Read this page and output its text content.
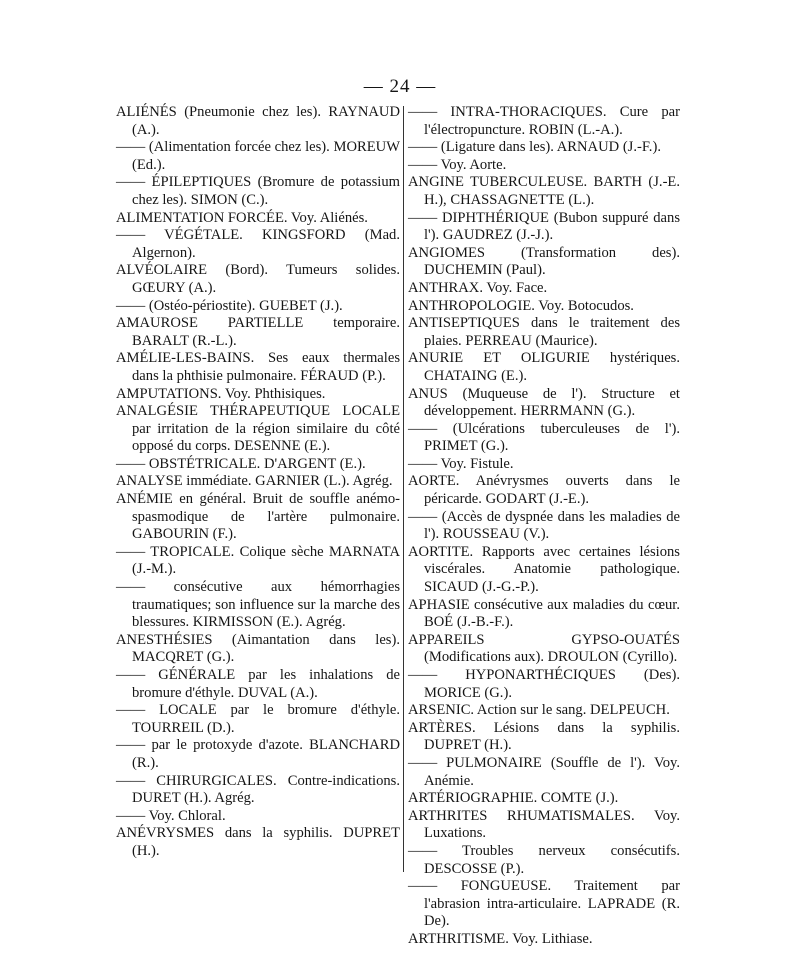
— 24 —
ALIÉNÉS (Pneumonie chez les). RAYNAUD (A.).
—— (Alimentation forcée chez les). MOREUW (Ed.).
—— ÉPILEPTIQUES (Bromure de potassium chez les). SIMON (C.).
ALIMENTATION FORCÉE. Voy. Aliénés.
—— VÉGÉTALE. KINGSFORD (Mad. Algernon).
ALVÉOLAIRE (Bord). Tumeurs solides. GŒURY (A.).
—— (Ostéo-périostite). GUEBET (J.).
AMAUROSE PARTIELLE temporaire. BARALT (R.-L.).
AMÉLIE-LES-BAINS. Ses eaux thermales dans la phthisie pulmonaire. FÉRAUD (P.).
AMPUTATIONS. Voy. Phthisiques.
ANALGÉSIE THÉRAPEUTIQUE LOCALE par irritation de la région similaire du côté opposé du corps. DESENNE (E.).
—— OBSTÉTRICALE. D'ARGENT (E.).
ANALYSE immédiate. GARNIER (L.). Agrég.
ANÉMIE en général. Bruit de souffle anémo-spasmodique de l'artère pulmonaire. GABOURIN (F.).
—— TROPICALE. Colique sèche MARNATA (J.-M.).
—— consécutive aux hémorrhagies traumatiques; son influence sur la marche des blessures. KIRMISSON (E.). Agrég.
ANESTHÉSIES (Aimantation dans les). MACQRET (G.).
—— GÉNÉRALE par les inhalations de bromure d'éthyle. DUVAL (A.).
—— LOCALE par le bromure d'éthyle. TOURREIL (D.).
—— par le protoxyde d'azote. BLANCHARD (R.).
—— CHIRURGICALES. Contre-indications. DURET (H.). Agrég.
—— Voy. Chloral.
ANÉVRYSMES dans la syphilis. DUPRET (H.).
—— INTRA-THORACIQUES. Cure par l'électropuncture. ROBIN (L.-A.).
—— (Ligature dans les). ARNAUD (J.-F.).
—— Voy. Aorte.
ANGINE TUBERCULEUSE. BARTH (J.-E. H.), CHASSAGNETTE (L.).
—— DIPHTHÉRIQUE (Bubon suppuré dans l'). GAUDREZ (J.-J.).
ANGIOMES (Transformation des). DUCHEMIN (Paul).
ANTHRAX. Voy. Face.
ANTHROPOLOGIE. Voy. Botocudos.
ANTISEPTIQUES dans le traitement des plaies. PERREAU (Maurice).
ANURIE ET OLIGURIE hystériques. CHATAING (E.).
ANUS (Muqueuse de l'). Structure et développement. HERRMANN (G.).
—— (Ulcérations tuberculeuses de l'). PRIMET (G.).
—— Voy. Fistule.
AORTE. Anévrysmes ouverts dans le péricarde. GODART (J.-E.).
—— (Accès de dyspnée dans les maladies de l'). ROUSSEAU (V.).
AORTITE. Rapports avec certaines lésions viscérales. Anatomie pathologique. SICAUD (J.-G.-P.).
APHASIE consécutive aux maladies du cœur. BOÉ (J.-B.-F.).
APPAREILS GYPSO-OUATÉS (Modifications aux). DROULON (Cyrillo).
—— HYPONARTHÉCIQUES (Des). MORICE (G.).
ARSENIC. Action sur le sang. DELPEUCH.
ARTÈRES. Lésions dans la syphilis. DUPRET (H.).
—— PULMONAIRE (Souffle de l'). Voy. Anémie.
ARTÉRIOGRAPHIE. COMTE (J.).
ARTHRITES RHUMATISMALES. Voy. Luxations.
—— Troubles nerveux consécutifs. DESCOSSE (P.).
—— FONGUEUSE. Traitement par l'abrasion intra-articulaire. LAPRADE (R. De).
ARTHRITISME. Voy. Lithiase.
